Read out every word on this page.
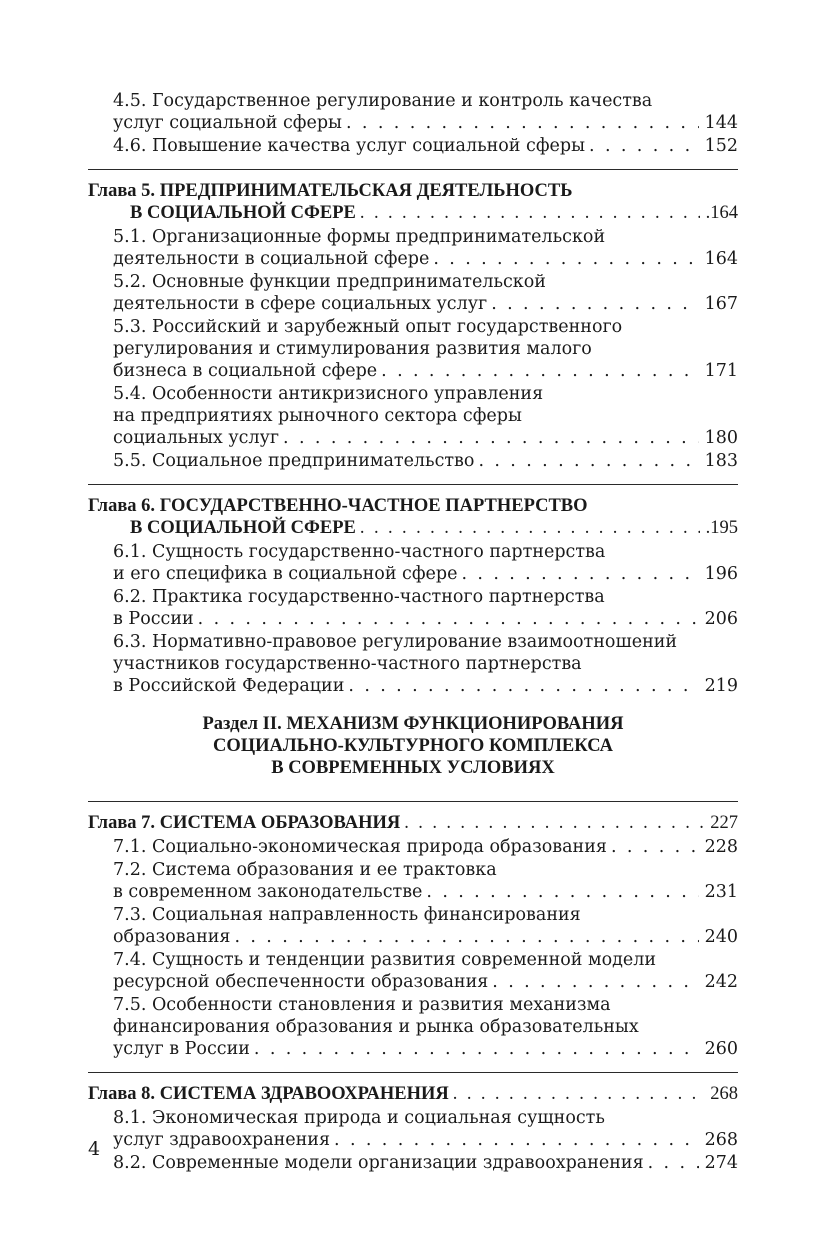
4.5. Государственное регулирование и контроль качества
услуг социальной сферы . . .	144
4.6. Повышение качества услуг социальной сферы . . .	152
Глава 5. ПРЕДПРИНИМАТЕЛЬСКАЯ ДЕЯТЕЛЬНОСТЬ
В СОЦИАЛЬНОЙ СФЕРЕ . . .	.164
5.1. Организационные формы предпринимательской
деятельности в социальной сфере . . .	164
5.2. Основные функции предпринимательской
деятельности в сфере социальных услуг . . .	167
5.3. Российский и зарубежный опыт государственного
регулирования и стимулирования развития малого
бизнеса в социальной сфере . . .	171
5.4. Особенности антикризисного управления
на предприятиях рыночного сектора сферы
социальных услуг . . .	180
5.5. Социальное предпринимательство . . .	183
Глава 6. ГОСУДАРСТВЕННО-ЧАСТНОЕ ПАРТНЕРСТВО
В СОЦИАЛЬНОЙ СФЕРЕ . . .	.195
6.1. Сущность государственно-частного партнерства
и его специфика в социальной сфере . . .	196
6.2. Практика государственно-частного партнерства
в России . . .	206
6.3. Нормативно-правовое регулирование взаимоотношений
участников государственно-частного партнерства
в Российской Федерации . . .	219
Раздел II. МЕХАНИЗМ ФУНКЦИОНИРОВАНИЯ
СОЦИАЛЬНО-КУЛЬТУРНОГО КОМПЛЕКСА
В СОВРЕМЕННЫХ УСЛОВИЯХ
Глава 7.
СИСТЕМА ОБРАЗОВАНИЯ . . .	227
7.1. Социально-экономическая природа образования . . .	228
7.2. Система образования и ее трактовка
в современном законодательстве . . .	231
7.3. Социальная направленность финансирования
образования . . .	240
7.4. Сущность и тенденции развития современной модели
ресурсной обеспеченности образования . . .	242
7.5. Особенности становления и развития механизма
финансирования образования и рынка образовательных
услуг в России . . .	260
Глава 8.
СИСТЕМА ЗДРАВООХРАНЕНИЯ . . .	268
8.1. Экономическая природа и социальная сущность
услуг здравоохранения . . .	268
8.2. Современные модели организации здравоохранения . . .	274
4
